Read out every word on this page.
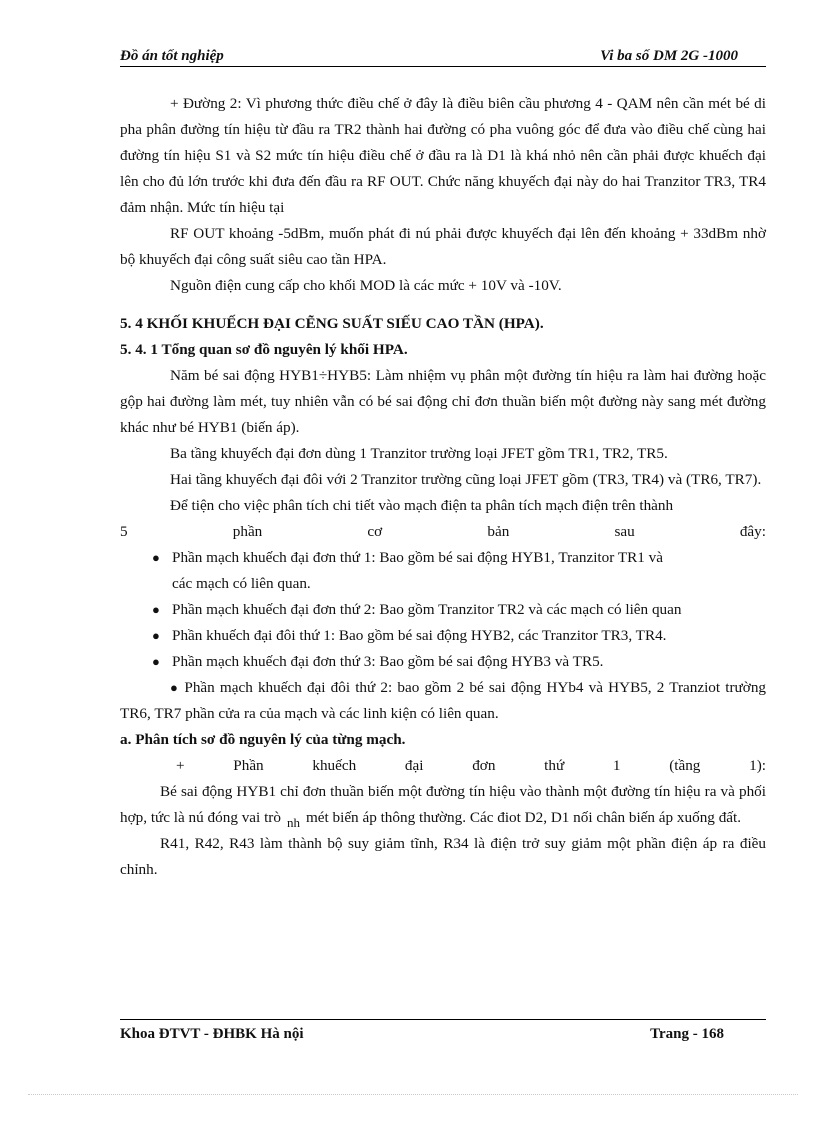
Đồ án tốt nghiệp	Vi ba số DM 2G -1000

+ Đường 2: Vì phương thức điều chế ở đây là điều biên cầu phương 4 - QAM nên cần mét bé di pha phân đường tín hiệu từ đầu ra TR2 thành hai đường có pha vuông góc để đưa vào điều chế cùng hai đường tín hiệu S1 và S2 mức tín hiệu điều chế ở đầu ra là D1 là khá nhỏ nên cần phải được khuếch đại lên cho đủ lớn trước khi đưa đến đầu ra RF OUT. Chức năng khuyếch đại này do hai Tranzitor TR3, TR4 đảm nhận. Mức tín hiệu tại

RF OUT khoảng -5dBm, muốn phát đi nú phải được khuyếch đại lên đến khoảng + 33dBm nhờ bộ khuyếch đại công suất siêu cao tần HPA.

Nguồn điện cung cấp cho khối MOD là các mức + 10V và -10V.

5. 4 KHỐI KHUẾCH ĐẠI CẼNG SUẤT SIẾU CAO TẦN (HPA).

5. 4. 1 Tổng quan sơ đồ nguyên lý khối HPA.

Năm bé sai động HYB1÷HYB5: Làm nhiệm vụ phân một đường tín hiệu ra làm hai đường hoặc gộp hai đường làm mét, tuy nhiên vẫn có bé sai động chỉ đơn thuần biến một đường này sang mét đường khác như bé HYB1 (biến áp).

Ba tầng khuyếch đại đơn dùng 1 Tranzitor trường loại JFET gồm TR1, TR2, TR5.

Hai tầng khuyếch đại đôi với 2 Tranzitor trường cũng loại JFET gồm (TR3, TR4) và (TR6, TR7).

Để tiện cho việc phân tích chi tiết vào mạch điện ta phân tích mạch điện trên thành

5 phần cơ bản sau đây:

● Phần mạch khuếch đại đơn thứ 1: Bao gồm bé sai động HYB1, Tranzitor TR1 và các mạch có liên quan.
● Phần mạch khuếch đại đơn thứ 2: Bao gồm Tranzitor TR2 và các mạch có liên quan
● Phần khuếch đại đôi thứ 1: Bao gồm bé sai động HYB2, các Tranzitor TR3, TR4.
● Phần mạch khuếch đại đơn thứ 3: Bao gồm bé sai động HYB3 và TR5.

● Phần mạch khuếch đại đôi thứ 2: bao gồm 2 bé sai động HYb4 và HYB5, 2 Tranziot trường TR6, TR7 phần cửa ra của mạch và các linh kiện có liên quan.

a. Phân tích sơ đồ nguyên lý của từng mạch.

+ Phần khuếch đại đơn thứ 1 (tầng 1):

Bé sai động HYB1 chỉ đơn thuần biến một đường tín hiệu vào thành một đường tín hiệu ra và phối hợp, tức là nú đóng vai trò nh mét biến áp thông thường. Các điot D2, D1 nối chân biến áp xuống đất.

R41, R42, R43 làm thành bộ suy giảm tĩnh, R34 là điện trở suy giảm một phần điện áp ra điều chỉnh.

Khoa ĐTVT - ĐHBK Hà nội	Trang - 168
